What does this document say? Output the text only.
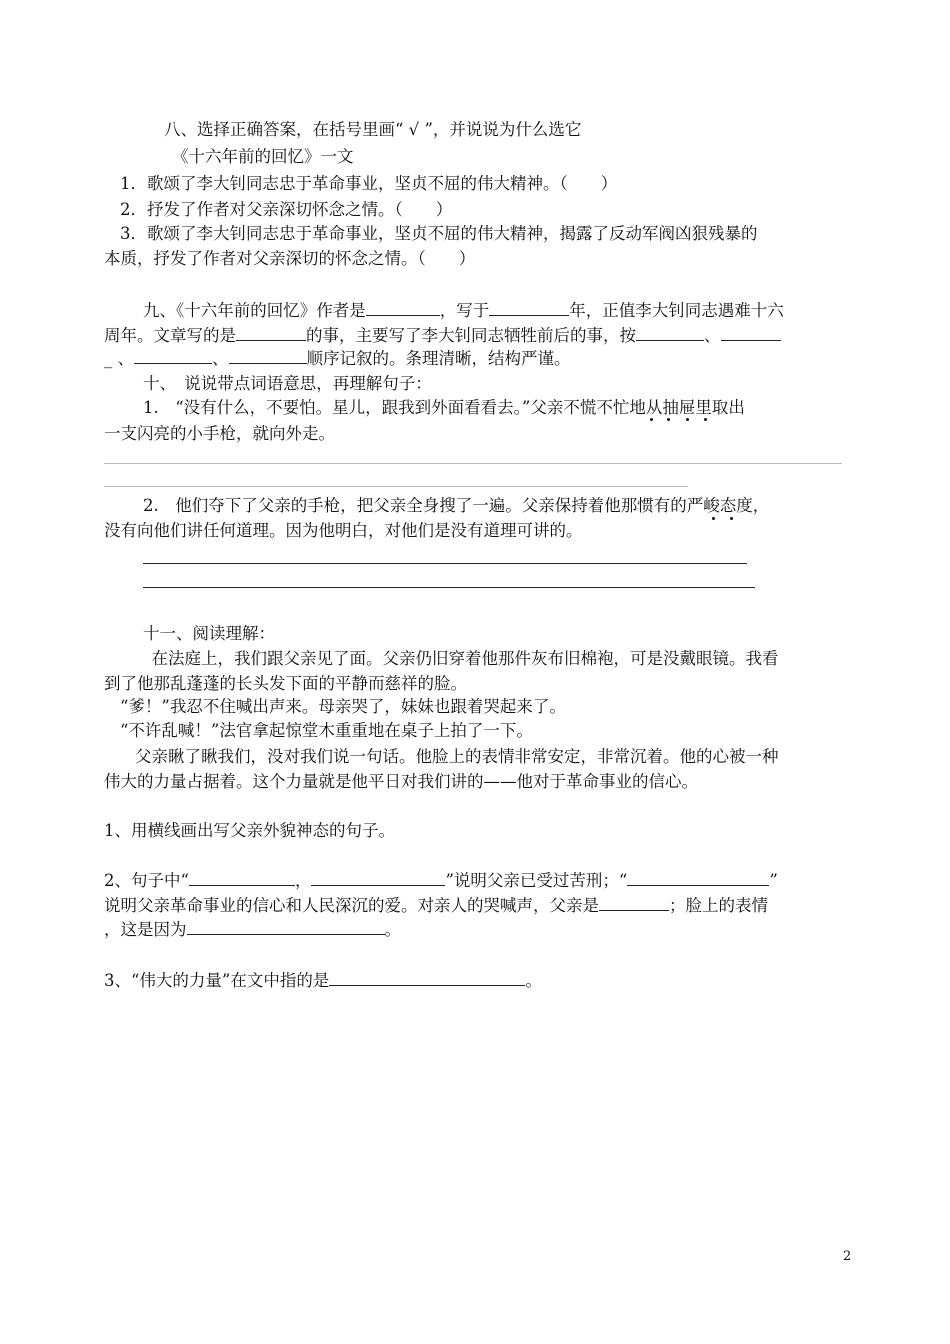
八、选择正确答案，在括号里画“ √ ”，并说说为什么选它
《十六年前的回忆》一文
1．歌颂了李大钊同志忠于革命事业，坚贞不屈的伟大精神。（　　）
2．抒发了作者对父亲深切怀念之情。（　　）
3．歌颂了李大钊同志忠于革命事业，坚贞不屈的伟大精神，揭露了反动军阀凶狠残暴的
本质，抒发了作者对父亲深切的怀念之情。（　　）
九、《十六年前的回忆》作者是	，写于	年，正值李大钊同志遇难十六
周年。文章写的是	的事，主要写了李大钊同志牺牲前后的事，按	、
_ 、	、	顺序记叙的。条理清晰，结构严谨。
十、　说说带点词语意思，再理解句子：
1.　“没有什么，不要怕。星儿，跟我到外面看看去。”父亲不慌不忙地从抽屉里取出
一支闪亮的小手枪，就向外走。
2.　他们夺下了父亲的手枪，把父亲全身搜了一遍。父亲保持着他那惯有的严峻态度，
没有向他们讲任何道理。因为他明白，对他们是没有道理可讲的。
十一、阅读理解：
　在法庭上，我们跟父亲见了面。父亲仍旧穿着他那件灰布旧棉袍，可是没戴眼镜。我看
到了他那乱蓬蓬的长头发下面的平静而慈祥的脸。
“爹！”我忍不住喊出声来。母亲哭了，妹妹也跟着哭起来了。
“不许乱喊！”法官拿起惊堂木重重地在桌子上拍了一下。
父亲瞅了瞅我们，没对我们说一句话。他脸上的表情非常安定，非常沉着。他的心被一种
伟大的力量占据着。这个力量就是他平日对我们讲的——他对于革命事业的信心。
1、用横线画出写父亲外貌神态的句子。
2、句子中“	，	”说明父亲已受过苦刑；“	”
说明父亲革命事业的信心和人民深沉的爱。对亲人的哭喊声，父亲是	；脸上的表情
，这是因为	。
3、“伟大的力量”在文中指的是	。
2
